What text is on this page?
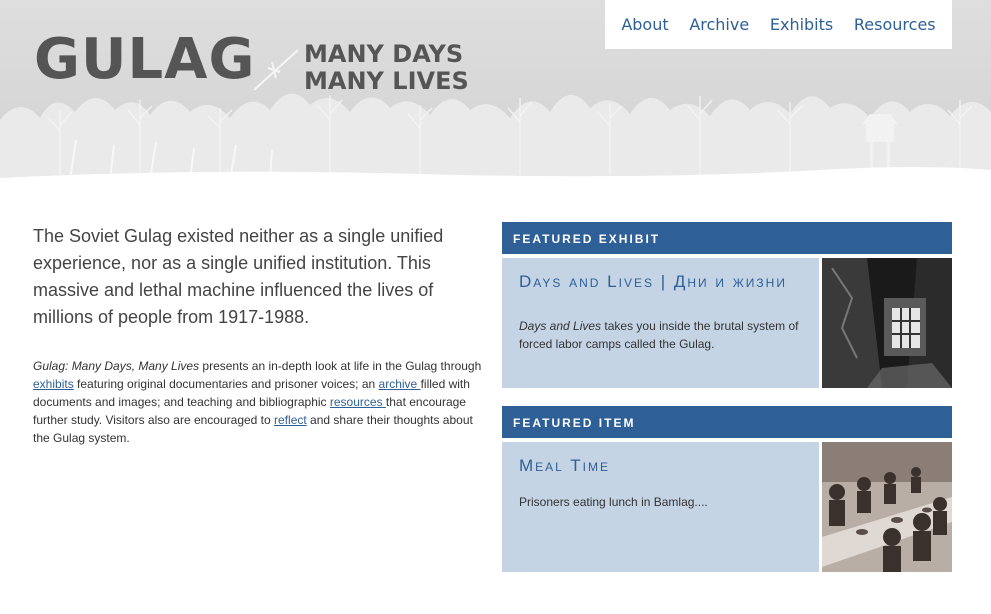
GULAG MANY DAYS
MANY LIVES
About Archive Exhibits Resources

The Soviet Gulag existed neither as a single unified experience, nor as a single unified institution. This massive and lethal machine influenced the lives of millions of people from 1917-1988.

Gulag: Many Days, Many Lives presents an in-depth look at life in the Gulag through exhibits featuring original documentaries and prisoner voices; an archive filled with documents and images; and teaching and bibliographic resources that encourage further study. Visitors also are encouraged to reflect and share their thoughts about the Gulag system.

FEATURED EXHIBIT

Days and Lives | Дни и жизни

Days and Lives takes you inside the brutal system of forced labor camps called the Gulag.

FEATURED ITEM

Meal Time

Prisoners eating lunch in Bamlag....
